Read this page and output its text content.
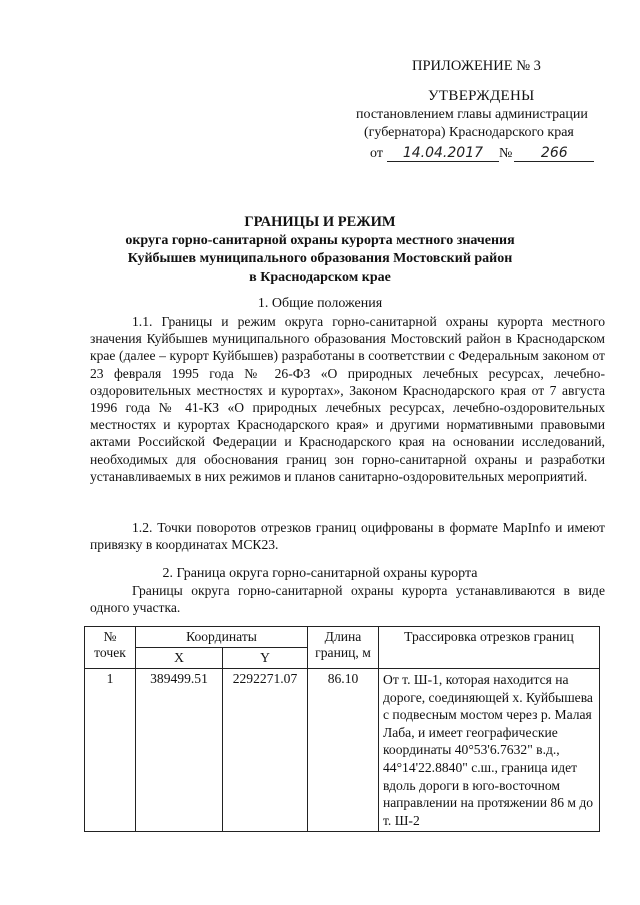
ПРИЛОЖЕНИЕ № 3
УТВЕРЖДЕНЫ
постановлением главы администрации
(губернатора) Краснодарского края
от 14.04.2017 № 266
ГРАНИЦЫ И РЕЖИМ
округа горно-санитарной охраны курорта местного значения
Куйбышев муниципального образования Мостовский район
в Краснодарском крае
1. Общие положения
1.1. Границы и режим округа горно-санитарной охраны курорта местного значения Куйбышев муниципального образования Мостовский район в Краснодарском крае (далее – курорт Куйбышев) разработаны в соответствии с Федеральным законом от 23 февраля 1995 года № 26-ФЗ «О природных лечебных ресурсах, лечебно-оздоровительных местностях и курортах», Законом Краснодарского края от 7 августа 1996 года № 41-КЗ «О природных лечебных ресурсах, лечебно-оздоровительных местностях и курортах Краснодарского края» и другими нормативными правовыми актами Российской Федерации и Краснодарского края на основании исследований, необходимых для обоснования границ зон горно-санитарной охраны и разработки устанавливаемых в них режимов и планов санитарно-оздоровительных мероприятий.
1.2. Точки поворотов отрезков границ оцифрованы в формате MapInfo и имеют привязку в координатах МСК23.
2. Граница округа горно-санитарной охраны курорта
Границы округа горно-санитарной охраны курорта устанавливаются в виде одного участка.
№ точек	Координаты		Длина границ, м	Трассировка отрезков границ
	X	Y		
1	389499.51	2292271.07	86.10	От т. Ш-1, которая находится на дороге, соединяющей х. Куйбышева с подвесным мостом через р. Малая Лаба, и имеет географические координаты 40°53'6.7632" в.д., 44°14'22.8840" с.ш., граница идет вдоль дороги в юго-восточном направлении на протяжении 86 м до т. Ш-2
